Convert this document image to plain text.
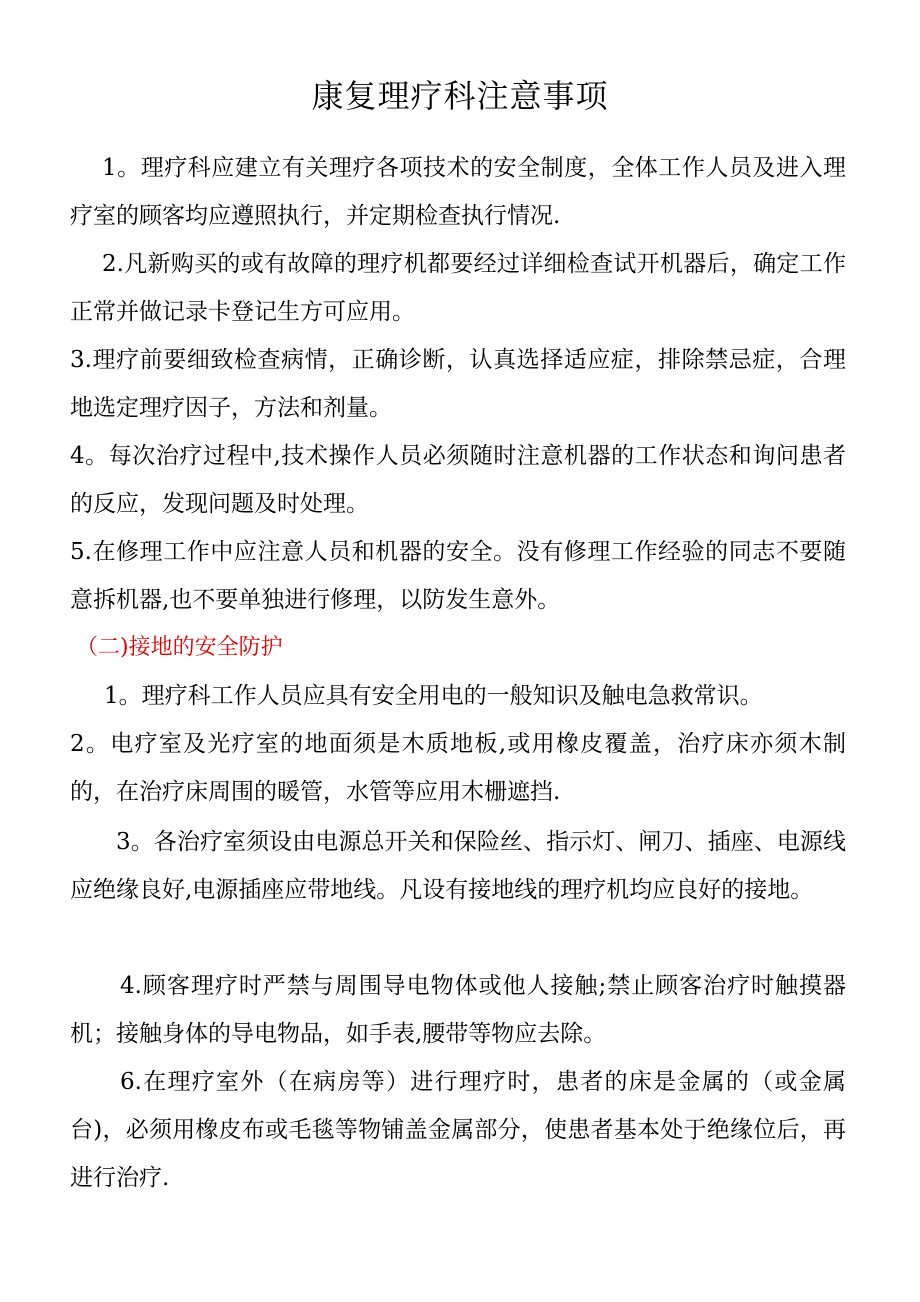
康复理疗科注意事项

1。理疗科应建立有关理疗各项技术的安全制度，全体工作人员及进入理疗室的顾客均应遵照执行，并定期检查执行情况.

2.凡新购买的或有故障的理疗机都要经过详细检查试开机器后，确定工作正常并做记录卡登记生方可应用。

3.理疗前要细致检查病情，正确诊断，认真选择适应症，排除禁忌症，合理地选定理疗因子，方法和剂量。

4。每次治疗过程中,技术操作人员必须随时注意机器的工作状态和询问患者的反应，发现问题及时处理。

5.在修理工作中应注意人员和机器的安全。没有修理工作经验的同志不要随意拆机器,也不要单独进行修理，以防发生意外。

（二)接地的安全防护

1。理疗科工作人员应具有安全用电的一般知识及触电急救常识。

2。电疗室及光疗室的地面须是木质地板,或用橡皮覆盖，治疗床亦须木制的，在治疗床周围的暖管，水管等应用木栅遮挡.

3。各治疗室须设由电源总开关和保险丝、指示灯、闸刀、插座、电源线应绝缘良好,电源插座应带地线。凡设有接地线的理疗机均应良好的接地。

4.顾客理疗时严禁与周围导电物体或他人接触;禁止顾客治疗时触摸器机；接触身体的导电物品，如手表,腰带等物应去除。

6.在理疗室外（在病房等）进行理疗时，患者的床是金属的（或金属台)，必须用橡皮布或毛毯等物铺盖金属部分，使患者基本处于绝缘位后，再进行治疗.
